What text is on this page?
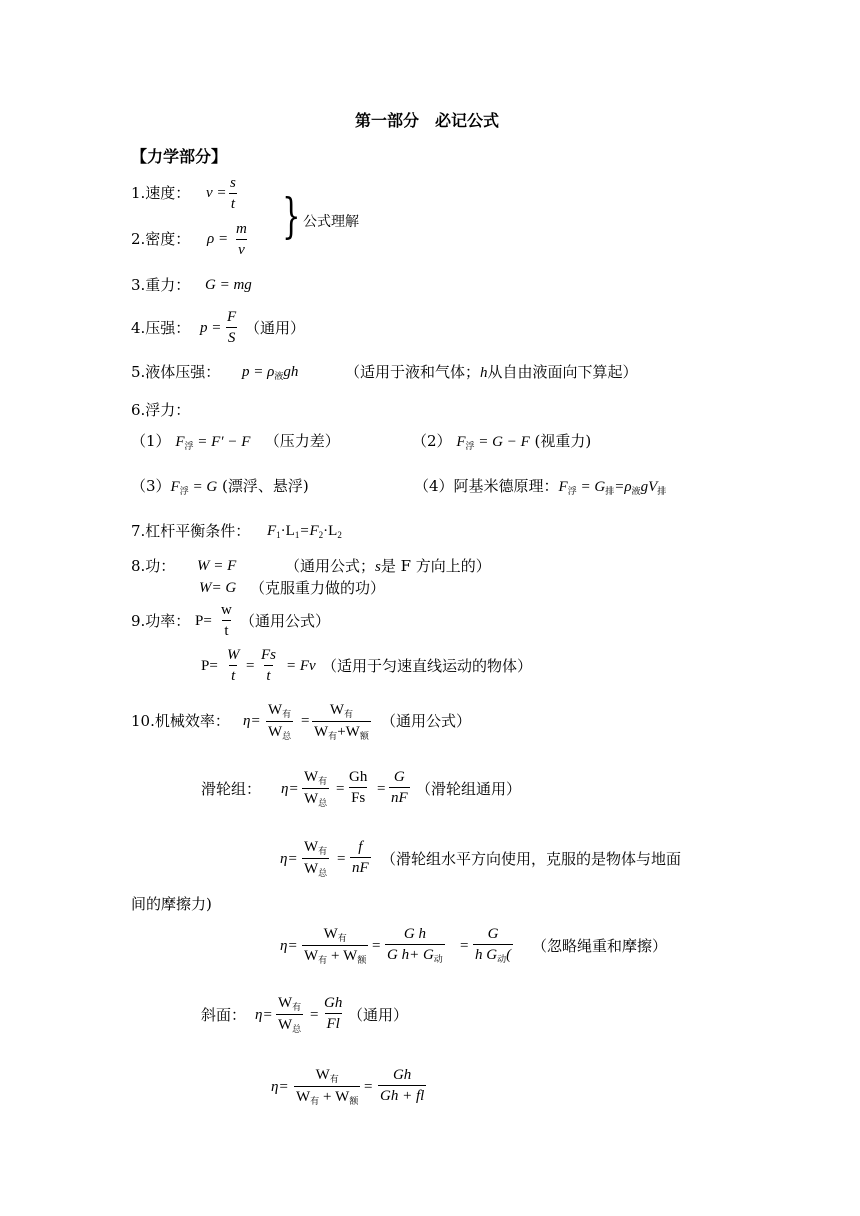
第一部分　必记公式
【力学部分】
1.速度： $v = \frac{s}{t}$ } 公式理解
2.密度： $\rho = \frac{m}{v}$
3.重力： G = mg
4.压强： $p = \frac{F}{S}$ （通用）
5.液体压强： $p = \rho_液gh$	（适用于液和气体；h从自由液面向下算起）
6.浮力：
（1） $F_浮 = F' - F$ （压力差）	（2） $F_浮 = G - F$ (视重力)
$(3)F_浮 = G$ (漂浮、悬浮)	（4）阿基米德原理：$F_浮 = G_排=\rho_液gV_排$
7.杠杆平衡条件： $F_1\cdot L_1=F_2\cdot L_2$
8.功： W = F	（通用公式；s是 F 方向上的）
W= G （克服重力做的功）
9.功率： $P= \frac{w}{t}$ （通用公式）
$P= \frac{W}{t} = \frac{Fs}{t} = Fv$ （适用于匀速直线运动的物体）
10.机械效率： η=
$W_有$
$W_总$
=
$W_有$
$W_有+W_额$
（通用公式）
滑轮组： η=
$W_有$
$W_总$
= $\frac{Gh}{Fs} = \frac{G}{nF}$ （滑轮组通用）
η=
$W_有$
$W_总$
= $\frac{f}{nF}$ （滑轮组水平方向使用，克服的是物体与地面
间的摩擦力)
η=
$W_有$
$W_有 + W_额$
=
G h
G $h+ G_动$
=
G
h $G_动$( （忽略绳重和摩擦）
斜面： η=
$W_有$
$W_总$
= $\frac{Gh}{Fl}$ （通用）
η=
$W_有$
$W_有 + W_额$
= $\frac{Gh}{Gh + fl}$
